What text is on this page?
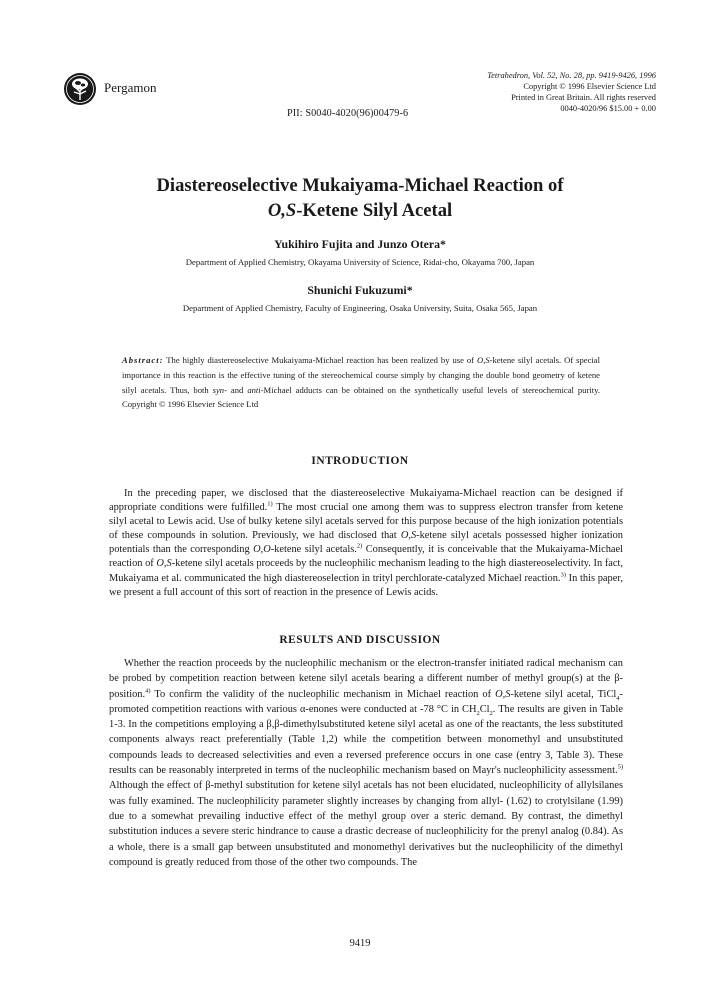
Pergamon
Tetrahedron, Vol. 52, No. 28, pp. 9419-9426, 1996
Copyright © 1996 Elsevier Science Ltd
Printed in Great Britain. All rights reserved
0040-4020/96 $15.00 + 0.00
PII: S0040-4020(96)00479-6
Diastereoselective Mukaiyama-Michael Reaction of
O,S-Ketene Silyl Acetal
Yukihiro Fujita and Junzo Otera*
Department of Applied Chemistry, Okayama University of Science, Ridai-cho, Okayama 700, Japan
Shunichi Fukuzumi*
Department of Applied Chemistry, Faculty of Engineering, Osaka University, Suita, Osaka 565, Japan
Abstract: The highly diastereoselective Mukaiyama-Michael reaction has been realized by use of O,S-ketene silyl acetals. Of special importance in this reaction is the effective tuning of the stereochemical course simply by changing the double bond geometry of ketene silyl acetals. Thus, both syn- and anti-Michael adducts can be obtained on the synthetically useful levels of stereochemical purity. Copyright © 1996 Elsevier Science Ltd
INTRODUCTION

In the preceding paper, we disclosed that the diastereoselective Mukaiyama-Michael reaction can be designed if appropriate conditions were fulfilled.$^{1)}$ The most crucial one among them was to suppress electron transfer from ketene silyl acetal to Lewis acid. Use of bulky ketene silyl acetals served for this purpose because of the high ionization potentials of these compounds in solution. Previously, we had disclosed that O,S-ketene silyl acetals possessed higher ionization potentials than the corresponding O,O-ketene silyl acetals.$^{2)}$ Consequently, it is conceivable that the Mukaiyama-Michael reaction of O,S-ketene silyl acetals proceeds by the nucleophilic mechanism leading to the high diastereoselectivity. In fact, Mukaiyama et al. communicated the high diastereoselection in trityl perchlorate-catalyzed Michael reaction.$^{3)}$ In this paper, we present a full account of this sort of reaction in the presence of Lewis acids.

RESULTS AND DISCUSSION

Whether the reaction proceeds by the nucleophilic mechanism or the electron-transfer initiated radical mechanism can be probed by competition reaction between ketene silyl acetals bearing a different number of methyl group(s) at the β-position.$^{4)}$ To confirm the validity of the nucleophilic mechanism in Michael reaction of O,S-ketene silyl acetal, TiCl$_4$-promoted competition reactions with various α-enones were conducted at -78 °C in $CH_2Cl_2$. The results are given in Table 1-3. In the competitions employing a β,β-dimethylsubstituted ketene silyl acetal as one of the reactants, the less substituted components always react preferentially (Table 1,2) while the competition between monomethyl and unsubstituted compounds leads to decreased selectivities and even a reversed preference occurs in one case (entry 3, Table 3). These results can be reasonably interpreted in terms of the nucleophilic mechanism based on Mayr's nucleophilicity assessment.$^{5)}$ Although the effect of β-methyl substitution for ketene silyl acetals has not been elucidated, nucleophilicity of allylsilanes was fully examined. The nucleophilicity parameter slightly increases by changing from allyl- (1.62) to crotylsilane (1.99) due to a somewhat prevailing inductive effect of the methyl group over a steric demand. By contrast, the dimethyl substitution induces a severe steric hindrance to cause a drastic decrease of nucleophilicity for the prenyl analog (0.84). As a whole, there is a small gap between unsubstituted and monomethyl derivatives but the nucleophilicity of the dimethyl compound is greatly reduced from those of the other two compounds. The

9419
